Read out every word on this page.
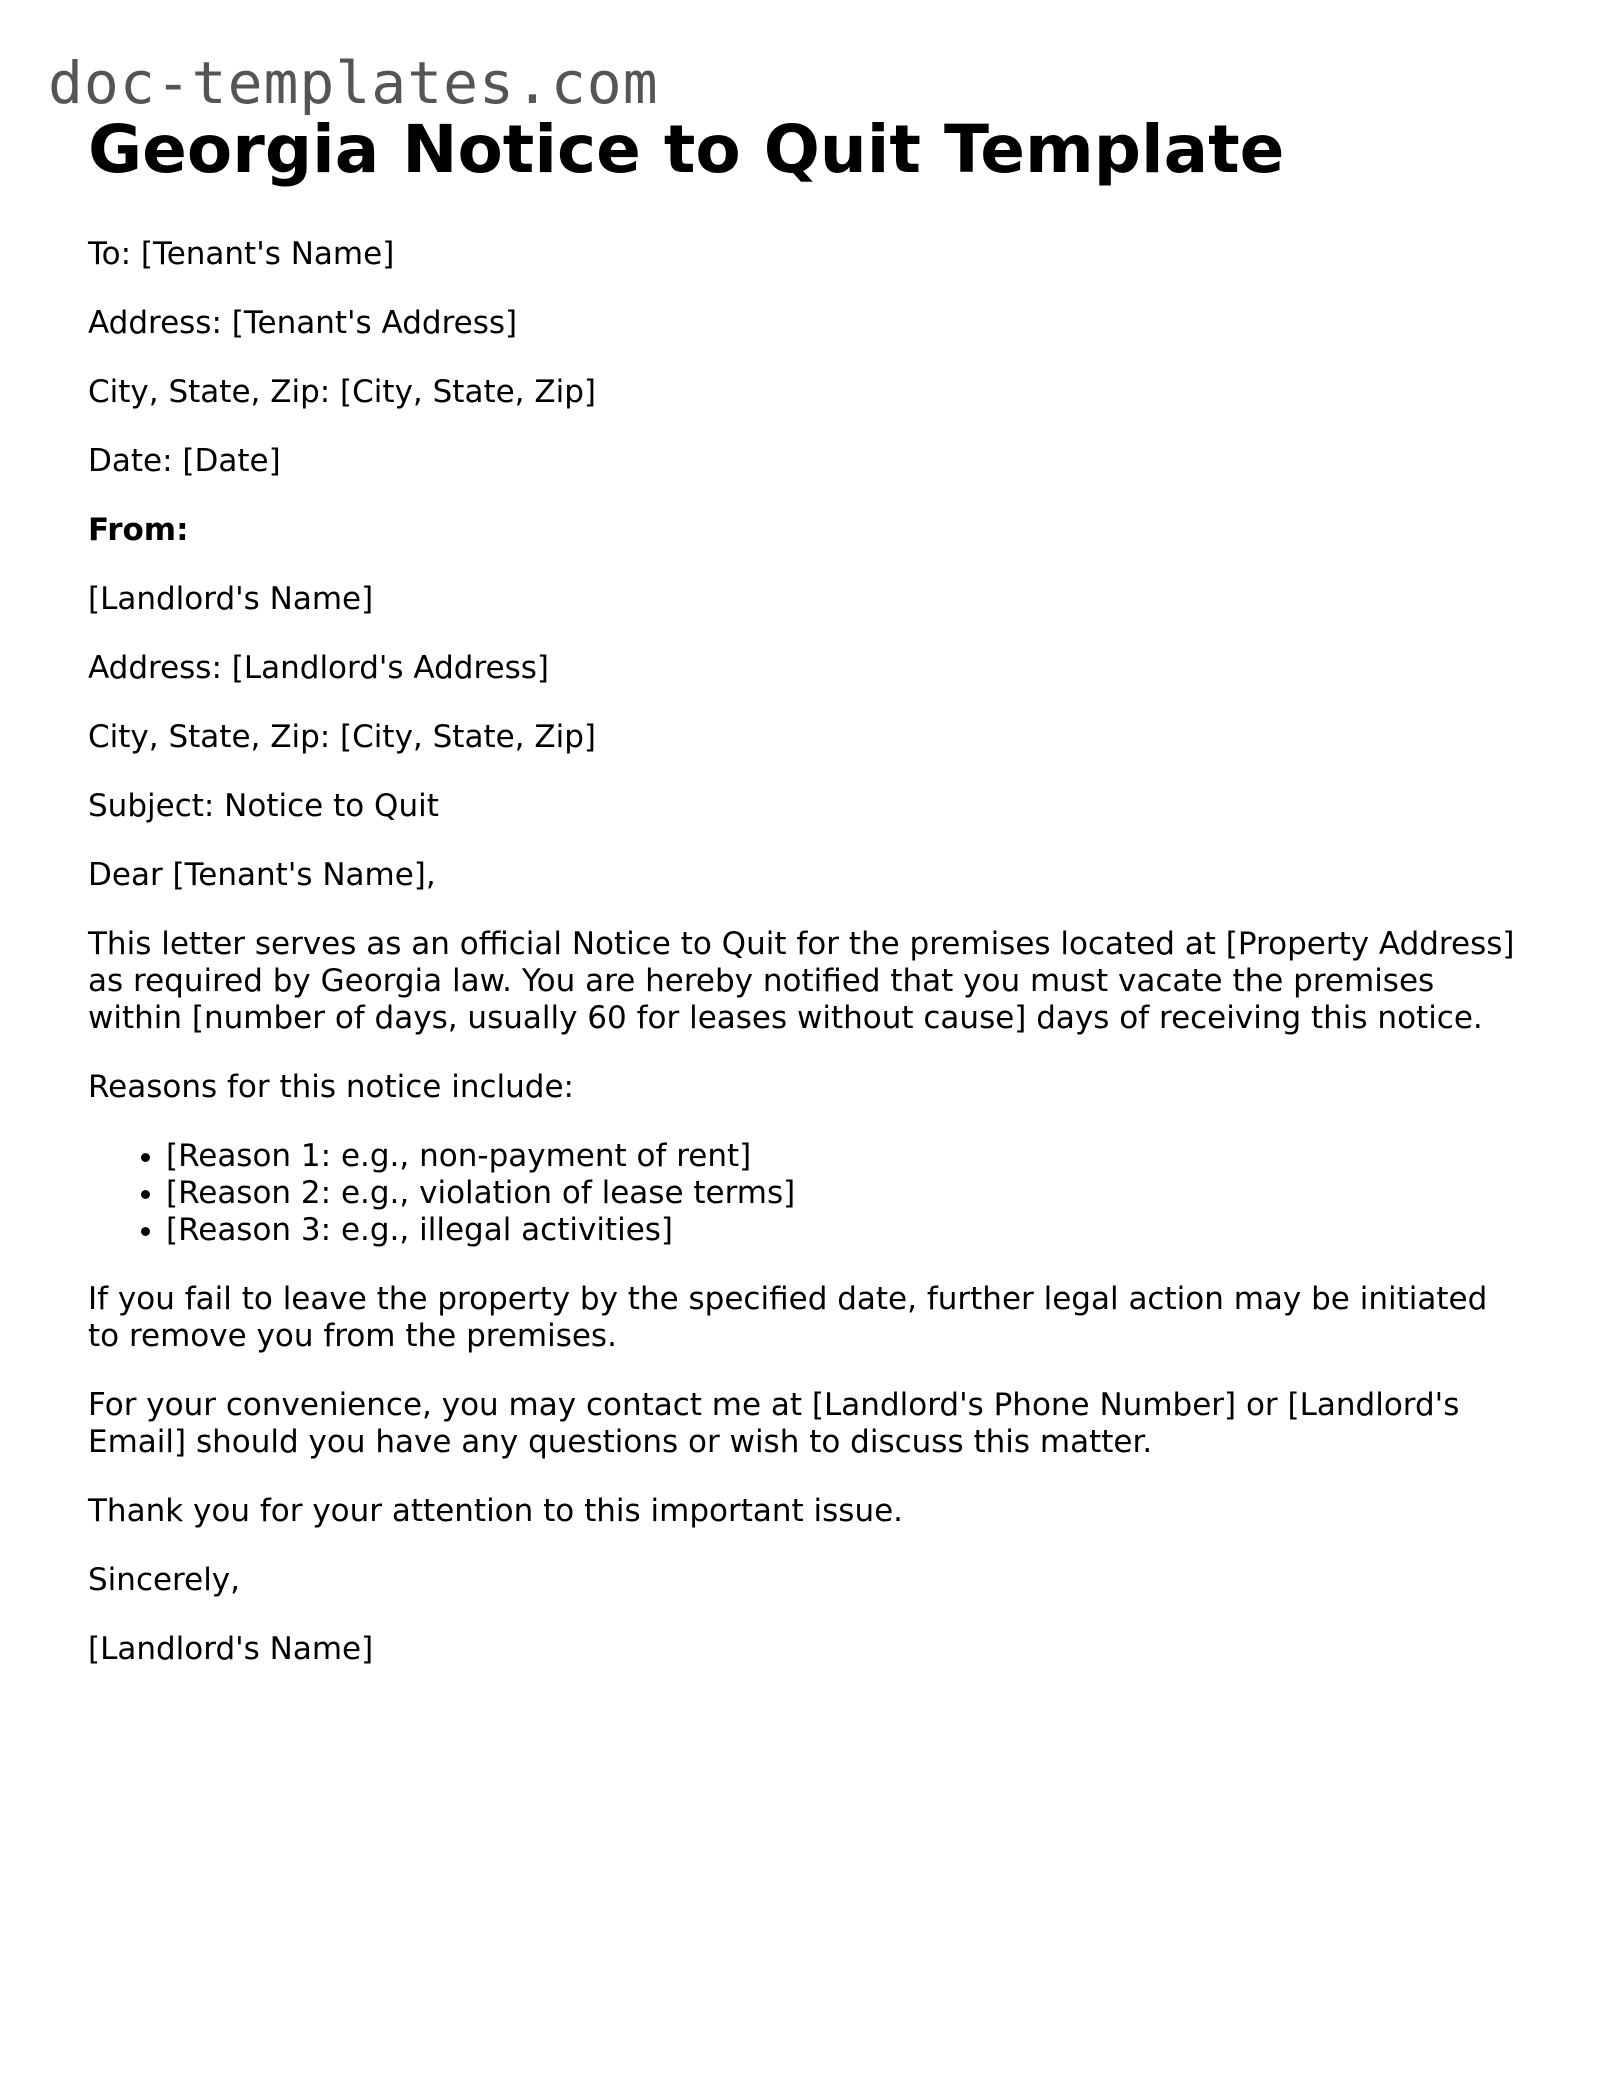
doc-templates.com
Georgia Notice to Quit Template

To: [Tenant's Name]

Address: [Tenant's Address]

City, State, Zip: [City, State, Zip]

Date: [Date]

From:

[Landlord's Name]

Address: [Landlord's Address]

City, State, Zip: [City, State, Zip]

Subject: Notice to Quit

Dear [Tenant's Name],

This letter serves as an official Notice to Quit for the premises located at [Property Address] as required by Georgia law. You are hereby notified that you must vacate the premises within [number of days, usually 60 for leases without cause] days of receiving this notice.

Reasons for this notice include:

• [Reason 1: e.g., non-payment of rent]
• [Reason 2: e.g., violation of lease terms]
• [Reason 3: e.g., illegal activities]

If you fail to leave the property by the specified date, further legal action may be initiated to remove you from the premises.

For your convenience, you may contact me at [Landlord's Phone Number] or [Landlord's Email] should you have any questions or wish to discuss this matter.

Thank you for your attention to this important issue.

Sincerely,

[Landlord's Name]
